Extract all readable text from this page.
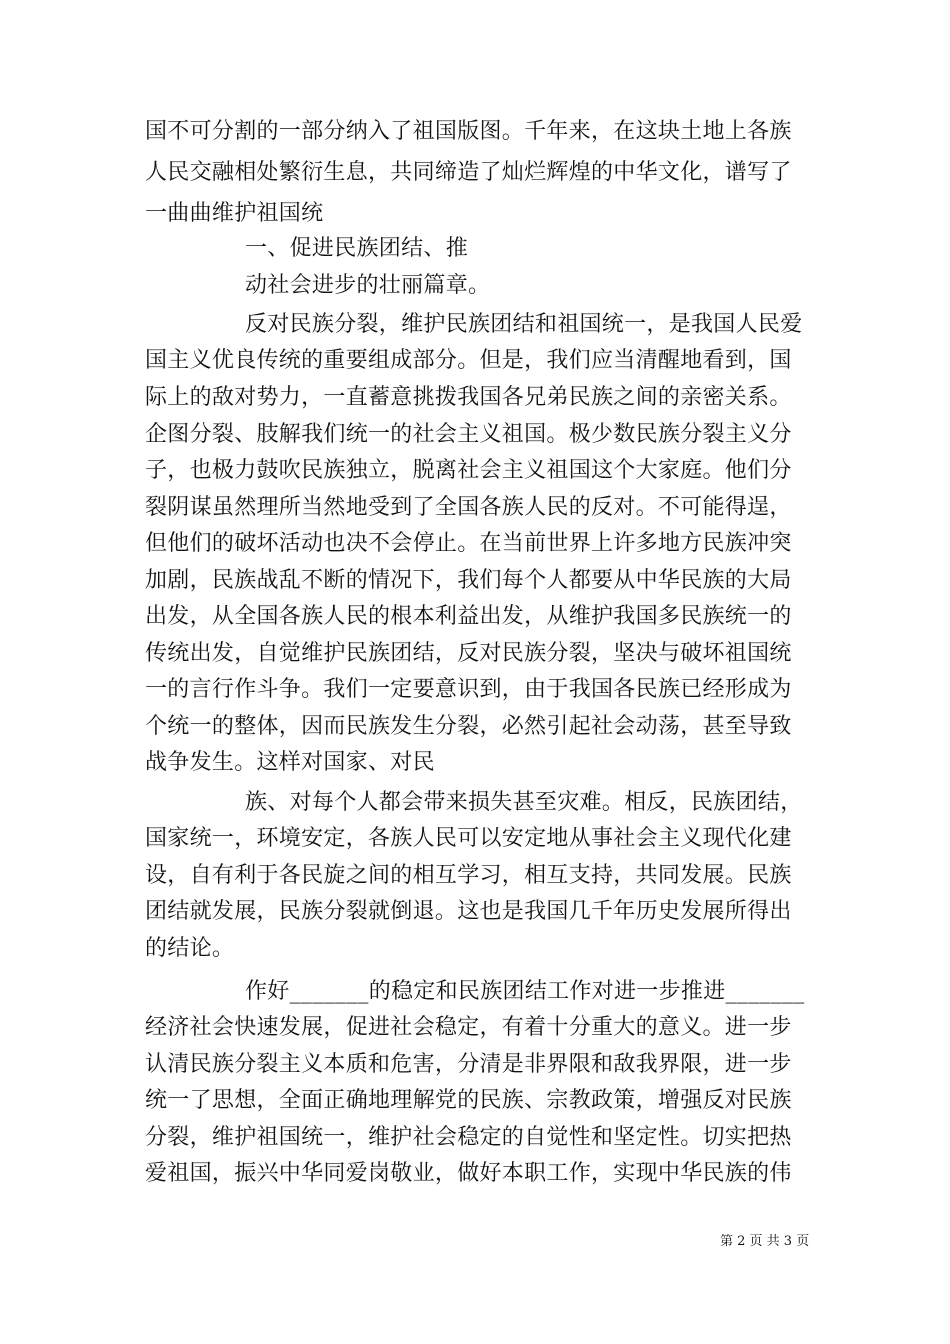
国不可分割的一部分纳入了祖国版图。千年来，在这块土地上各族
人民交融相处繁衍生息，共同缔造了灿烂辉煌的中华文化，谱写了
一曲曲维护祖国统
一、促进民族团结、推
动社会进步的壮丽篇章。
反对民族分裂，维护民族团结和祖国统一，是我国人民爱
国主义优良传统的重要组成部分。但是，我们应当清醒地看到，国
际上的敌对势力，一直蓄意挑拨我国各兄弟民族之间的亲密关系。
企图分裂、肢解我们统一的社会主义祖国。极少数民族分裂主义分
子，也极力鼓吹民族独立，脱离社会主义祖国这个大家庭。他们分
裂阴谋虽然理所当然地受到了全国各族人民的反对。不可能得逞，
但他们的破坏活动也决不会停止。在当前世界上许多地方民族冲突
加剧，民族战乱不断的情况下，我们每个人都要从中华民族的大局
出发，从全国各族人民的根本利益出发，从维护我国多民族统一的
传统出发，自觉维护民族团结，反对民族分裂，坚决与破坏祖国统
一的言行作斗争。我们一定要意识到，由于我国各民族已经形成为
个统一的整体，因而民族发生分裂，必然引起社会动荡，甚至导致
战争发生。这样对国家、对民
族、对每个人都会带来损失甚至灾难。相反，民族团结，
国家统一，环境安定，各族人民可以安定地从事社会主义现代化建
设，自有利于各民旋之间的相互学习，相互支持，共同发展。民族
团结就发展，民族分裂就倒退。这也是我国几千年历史发展所得出
的结论。
作好_______的稳定和民族团结工作对进一步推进_______
经济社会快速发展，促进社会稳定，有着十分重大的意义。进一步
认清民族分裂主义本质和危害，分清是非界限和敌我界限，进一步
统一了思想，全面正确地理解党的民族、宗教政策，增强反对民族
分裂，维护祖国统一，维护社会稳定的自觉性和坚定性。切实把热
爱祖国，振兴中华同爱岗敬业，做好本职工作，实现中华民族的伟
第 2 页 共 3 页
